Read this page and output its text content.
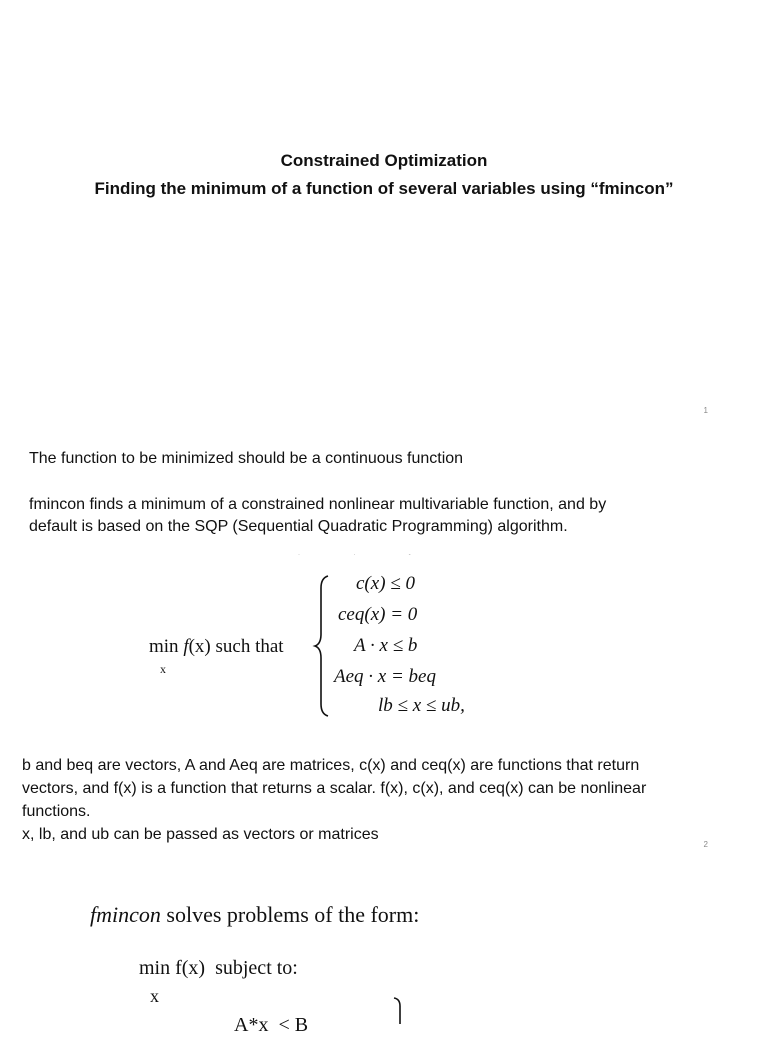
Constrained Optimization
Finding the minimum of a function of several variables using “fmincon”
1

The function to be minimized should be a continuous function

fmincon finds a minimum of a constrained nonlinear multivariable function, and by

default is based on the SQP (Sequential Quadratic Programming) algorithm.

·                                ·                                -
min f(x) such that
x
c(x) ≤ 0
ceq(x) = 0
A · x ≤ b
Aeq · x = beq
lb ≤ x ≤ ub,

b and beq are vectors, A and Aeq are matrices, c(x) and ceq(x) are functions that return

vectors, and f(x) is a function that returns a scalar. f(x), c(x), and ceq(x) can be nonlinear

functions.

x, lb, and ub can be passed as vectors or matrices

2
fmincon solves problems of the form:
min f(x)  subject to:
x
A*x  < B
